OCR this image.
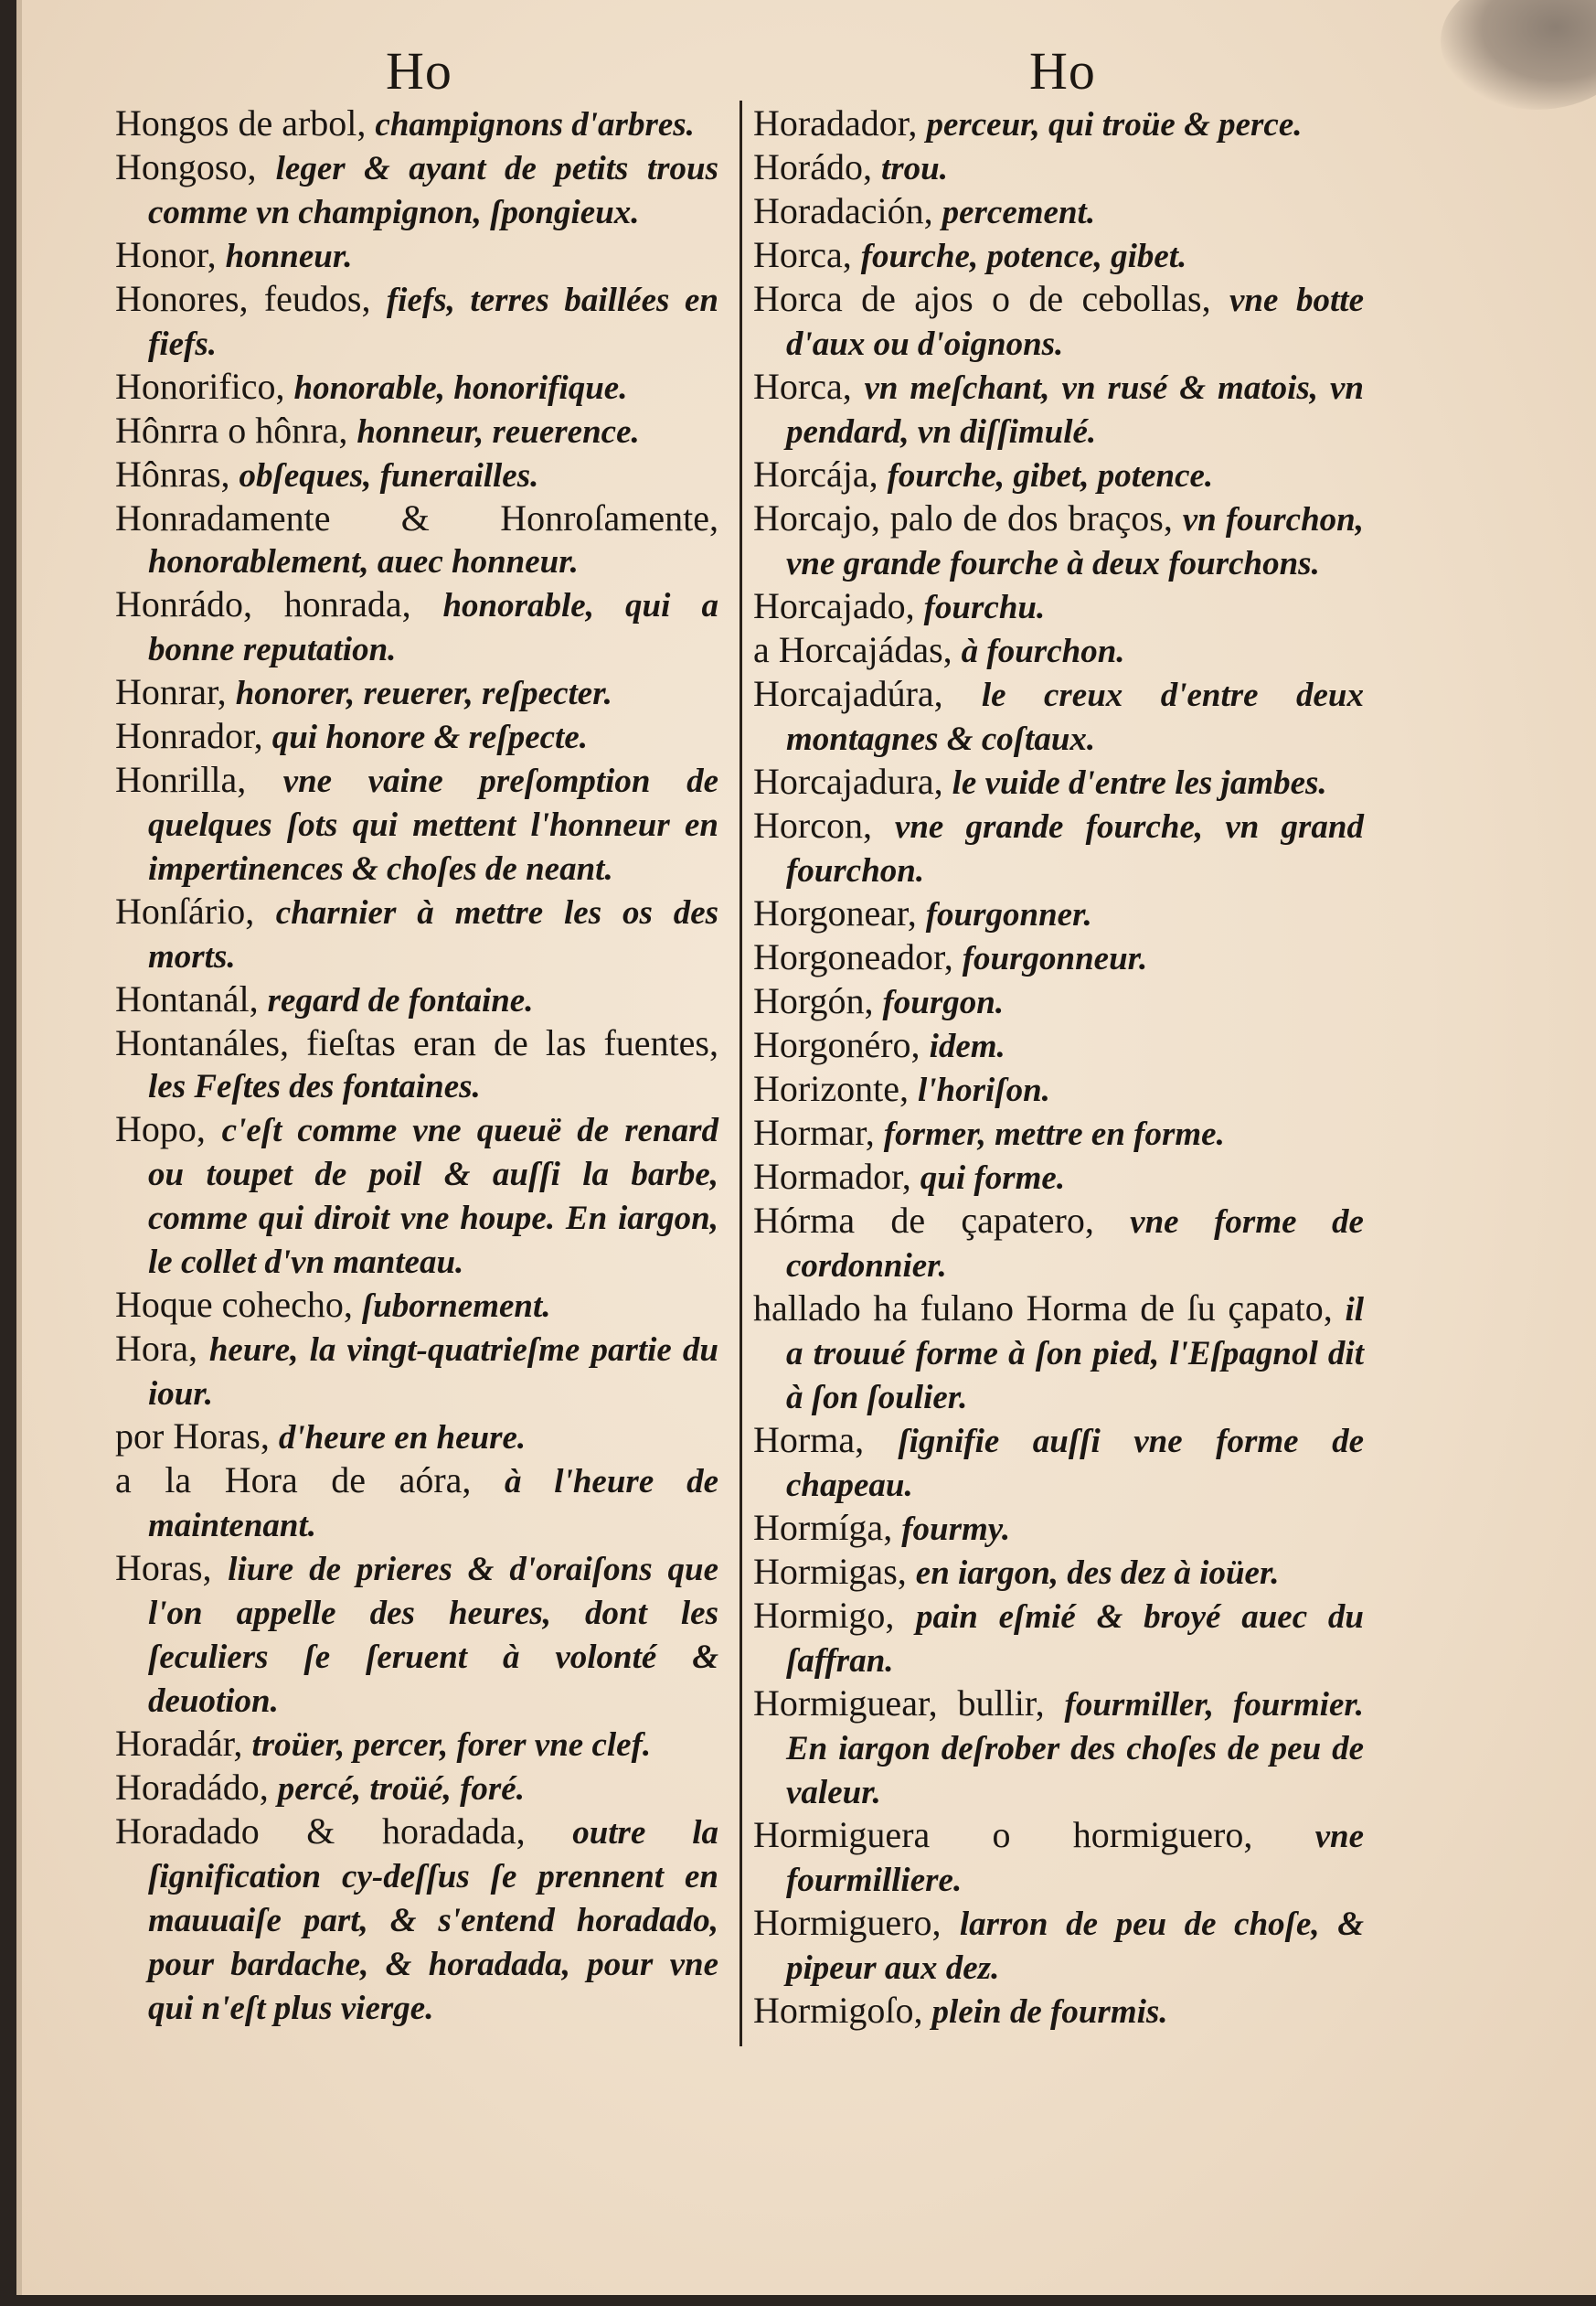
Ho	Ho
Hongos de arbol, champignons d'arbres.
Hongoso, leger & ayant de petits trous comme vn champignon, ſpongieux.
Honor, honneur.
Honores, feudos, fiefs, terres baillées en fiefs.
Honorifico, honorable, honorifique.
Hônrra o hônra, honneur, reuerence.
Hônras, obſeques, funerailles.
Honradamente & Honroſamente, honorablement, auec honneur.
Honrádo, honrada, honorable, qui a bonne reputation.
Honrar, honorer, reuerer, reſpecter.
Honrador, qui honore & reſpecte.
Honrilla, vne vaine preſomption de quelques ſots qui mettent l'honneur en impertinences & choſes de neant.
Honſário, charnier à mettre les os des morts.
Hontanál, regard de fontaine.
Hontanáles, fieſtas eran de las fuentes, les Feſtes des fontaines.
Hopo, c'eſt comme vne queuë de renard ou toupet de poil & auſſi la barbe, comme qui diroit vne houpe. En iargon, le collet d'vn manteau.
Hoque cohecho, ſubornement.
Hora, heure, la vingt-quatrieſme partie du iour.
por Horas, d'heure en heure.
a la Hora de aóra, à l'heure de maintenant.
Horas, liure de prieres & d'oraiſons que l'on appelle des heures, dont les ſeculiers ſe ſeruent à volonté & deuotion.
Horadár, troüer, percer, forer vne clef.
Horadádo, percé, troüé, foré.
Horadado & horadada, outre la ſignification cy-deſſus ſe prennent en mauuaiſe part, & s'entend horadado, pour bardache, & horadada, pour vne qui n'eſt plus vierge.
Horadador, perceur, qui troüe & perce.
Horádo, trou.
Horadación, percement.
Horca, fourche, potence, gibet.
Horca de ajos o de cebollas, vne botte d'aux ou d'oignons.
Horca, vn meſchant, vn rusé & matois, vn pendard, vn diſſimulé.
Horcája, fourche, gibet, potence.
Horcajo, palo de dos braços, vn fourchon, vne grande fourche à deux fourchons.
Horcajado, fourchu.
a Horcajádas, à fourchon.
Horcajadúra, le creux d'entre deux montagnes & coſtaux.
Horcajadura, le vuide d'entre les jambes.
Horcon, vne grande fourche, vn grand fourchon.
Horgonear, fourgonner.
Horgoneador, fourgonneur.
Horgón, fourgon.
Horgonéro, idem.
Horizonte, l'horiſon.
Hormar, former, mettre en forme.
Hormador, qui forme.
Hórma de çapatero, vne forme de cordonnier.
hallado ha fulano Horma de ſu çapato, il a trouué forme à ſon pied, l'Eſpagnol dit à ſon ſoulier.
Horma, ſignifie auſſi vne forme de chapeau.
Hormíga, fourmy.
Hormigas, en iargon, des dez à ioüer.
Hormigo, pain eſmié & broyé auec du ſaffran.
Hormiguear, bullir, fourmiller, fourmier. En iargon deſrober des choſes de peu de valeur.
Hormiguera o hormiguero, vne fourmilliere.
Hormiguero, larron de peu de choſe, & pipeur aux dez.
Hormigoſo, plein de fourmis.
